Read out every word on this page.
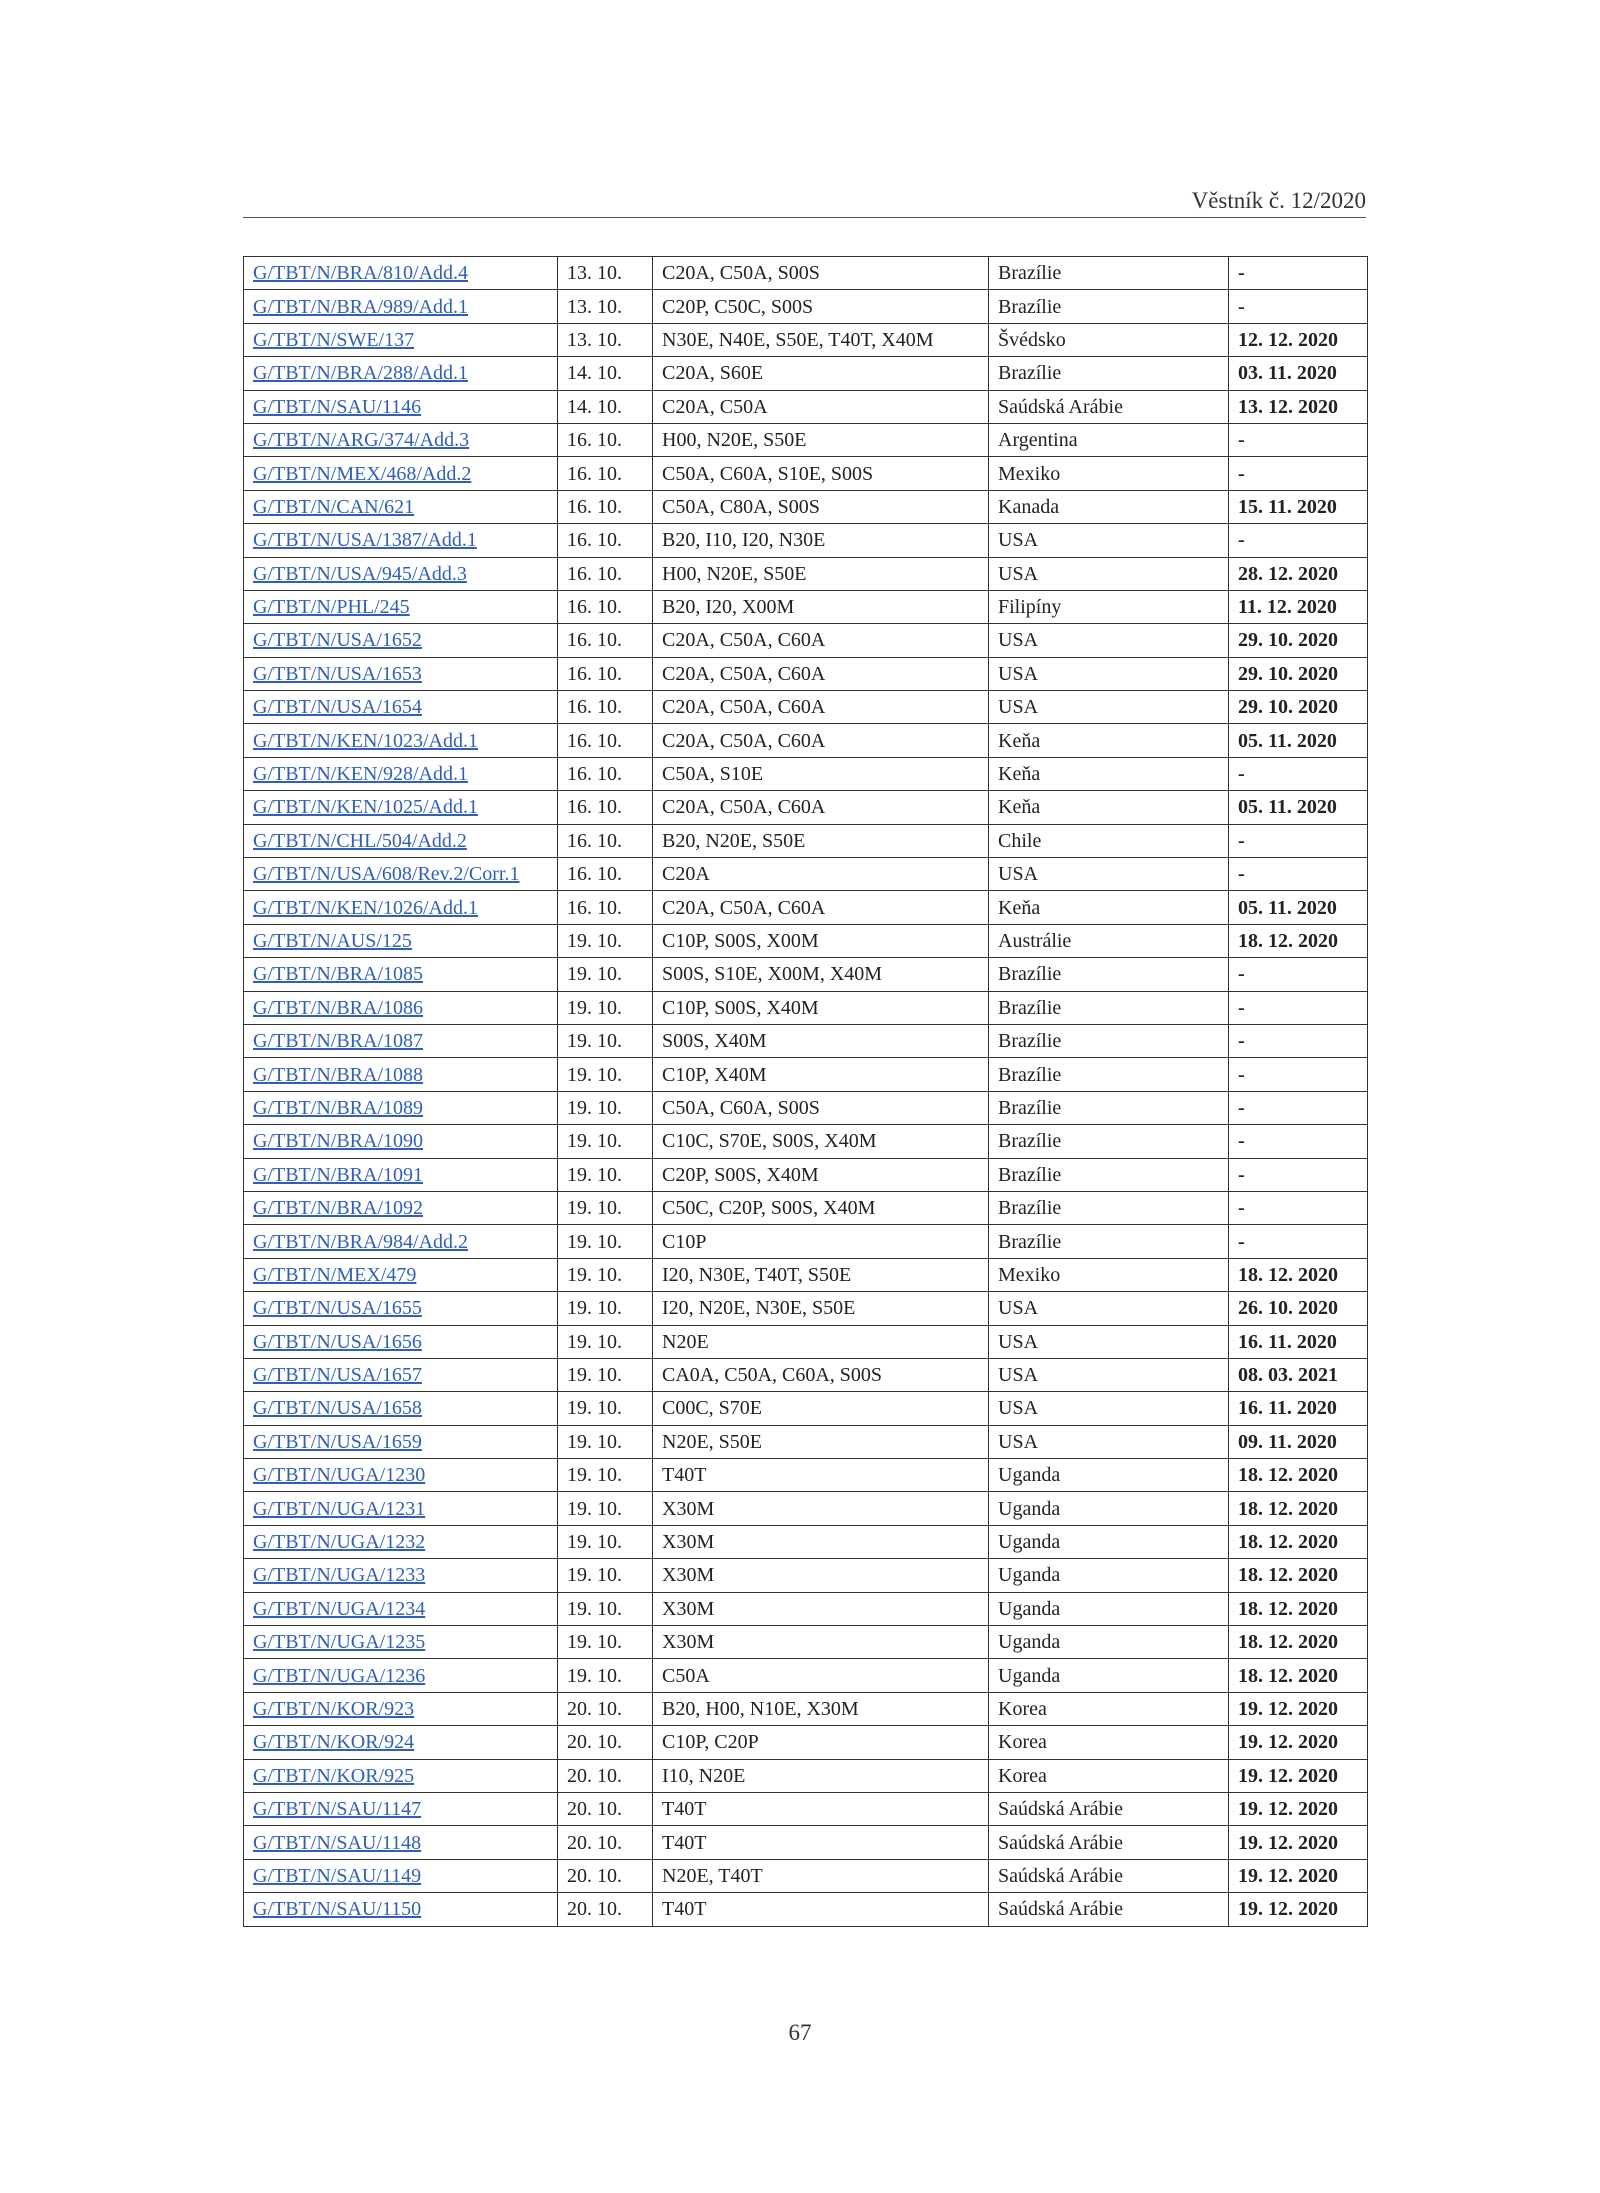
Věstník č. 12/2020
G/TBT/N/BRA/810/Add.4	13. 10.	C20A, C50A, S00S	Brazílie	-
G/TBT/N/BRA/989/Add.1	13. 10.	C20P, C50C, S00S	Brazílie	-
G/TBT/N/SWE/137	13. 10.	N30E, N40E, S50E, T40T, X40M	Švédsko	12. 12. 2020
G/TBT/N/BRA/288/Add.1	14. 10.	C20A, S60E	Brazílie	03. 11. 2020
G/TBT/N/SAU/1146	14. 10.	C20A, C50A	Saúdská Arábie	13. 12. 2020
G/TBT/N/ARG/374/Add.3	16. 10.	H00, N20E, S50E	Argentina	-
G/TBT/N/MEX/468/Add.2	16. 10.	C50A, C60A, S10E, S00S	Mexiko	-
G/TBT/N/CAN/621	16. 10.	C50A, C80A, S00S	Kanada	15. 11. 2020
G/TBT/N/USA/1387/Add.1	16. 10.	B20, I10, I20, N30E	USA	-
G/TBT/N/USA/945/Add.3	16. 10.	H00, N20E, S50E	USA	28. 12. 2020
G/TBT/N/PHL/245	16. 10.	B20, I20, X00M	Filipíny	11. 12. 2020
G/TBT/N/USA/1652	16. 10.	C20A, C50A, C60A	USA	29. 10. 2020
G/TBT/N/USA/1653	16. 10.	C20A, C50A, C60A	USA	29. 10. 2020
G/TBT/N/USA/1654	16. 10.	C20A, C50A, C60A	USA	29. 10. 2020
G/TBT/N/KEN/1023/Add.1	16. 10.	C20A, C50A, C60A	Keňa	05. 11. 2020
G/TBT/N/KEN/928/Add.1	16. 10.	C50A, S10E	Keňa	-
G/TBT/N/KEN/1025/Add.1	16. 10.	C20A, C50A, C60A	Keňa	05. 11. 2020
G/TBT/N/CHL/504/Add.2	16. 10.	B20, N20E, S50E	Chile	-
G/TBT/N/USA/608/Rev.2/Corr.1	16. 10.	C20A	USA	-
G/TBT/N/KEN/1026/Add.1	16. 10.	C20A, C50A, C60A	Keňa	05. 11. 2020
G/TBT/N/AUS/125	19. 10.	C10P, S00S, X00M	Austrálie	18. 12. 2020
G/TBT/N/BRA/1085	19. 10.	S00S, S10E, X00M, X40M	Brazílie	-
G/TBT/N/BRA/1086	19. 10.	C10P, S00S, X40M	Brazílie	-
G/TBT/N/BRA/1087	19. 10.	S00S, X40M	Brazílie	-
G/TBT/N/BRA/1088	19. 10.	C10P, X40M	Brazílie	-
G/TBT/N/BRA/1089	19. 10.	C50A, C60A, S00S	Brazílie	-
G/TBT/N/BRA/1090	19. 10.	C10C, S70E, S00S, X40M	Brazílie	-
G/TBT/N/BRA/1091	19. 10.	C20P, S00S, X40M	Brazílie	-
G/TBT/N/BRA/1092	19. 10.	C50C, C20P, S00S, X40M	Brazílie	-
G/TBT/N/BRA/984/Add.2	19. 10.	C10P	Brazílie	-
G/TBT/N/MEX/479	19. 10.	I20, N30E, T40T, S50E	Mexiko	18. 12. 2020
G/TBT/N/USA/1655	19. 10.	I20, N20E, N30E, S50E	USA	26. 10. 2020
G/TBT/N/USA/1656	19. 10.	N20E	USA	16. 11. 2020
G/TBT/N/USA/1657	19. 10.	CA0A, C50A, C60A, S00S	USA	08. 03. 2021
G/TBT/N/USA/1658	19. 10.	C00C, S70E	USA	16. 11. 2020
G/TBT/N/USA/1659	19. 10.	N20E, S50E	USA	09. 11. 2020
G/TBT/N/UGA/1230	19. 10.	T40T	Uganda	18. 12. 2020
G/TBT/N/UGA/1231	19. 10.	X30M	Uganda	18. 12. 2020
G/TBT/N/UGA/1232	19. 10.	X30M	Uganda	18. 12. 2020
G/TBT/N/UGA/1233	19. 10.	X30M	Uganda	18. 12. 2020
G/TBT/N/UGA/1234	19. 10.	X30M	Uganda	18. 12. 2020
G/TBT/N/UGA/1235	19. 10.	X30M	Uganda	18. 12. 2020
G/TBT/N/UGA/1236	19. 10.	C50A	Uganda	18. 12. 2020
G/TBT/N/KOR/923	20. 10.	B20, H00, N10E, X30M	Korea	19. 12. 2020
G/TBT/N/KOR/924	20. 10.	C10P, C20P	Korea	19. 12. 2020
G/TBT/N/KOR/925	20. 10.	I10, N20E	Korea	19. 12. 2020
G/TBT/N/SAU/1147	20. 10.	T40T	Saúdská Arábie	19. 12. 2020
G/TBT/N/SAU/1148	20. 10.	T40T	Saúdská Arábie	19. 12. 2020
G/TBT/N/SAU/1149	20. 10.	N20E, T40T	Saúdská Arábie	19. 12. 2020
G/TBT/N/SAU/1150	20. 10.	T40T	Saúdská Arábie	19. 12. 2020
67
